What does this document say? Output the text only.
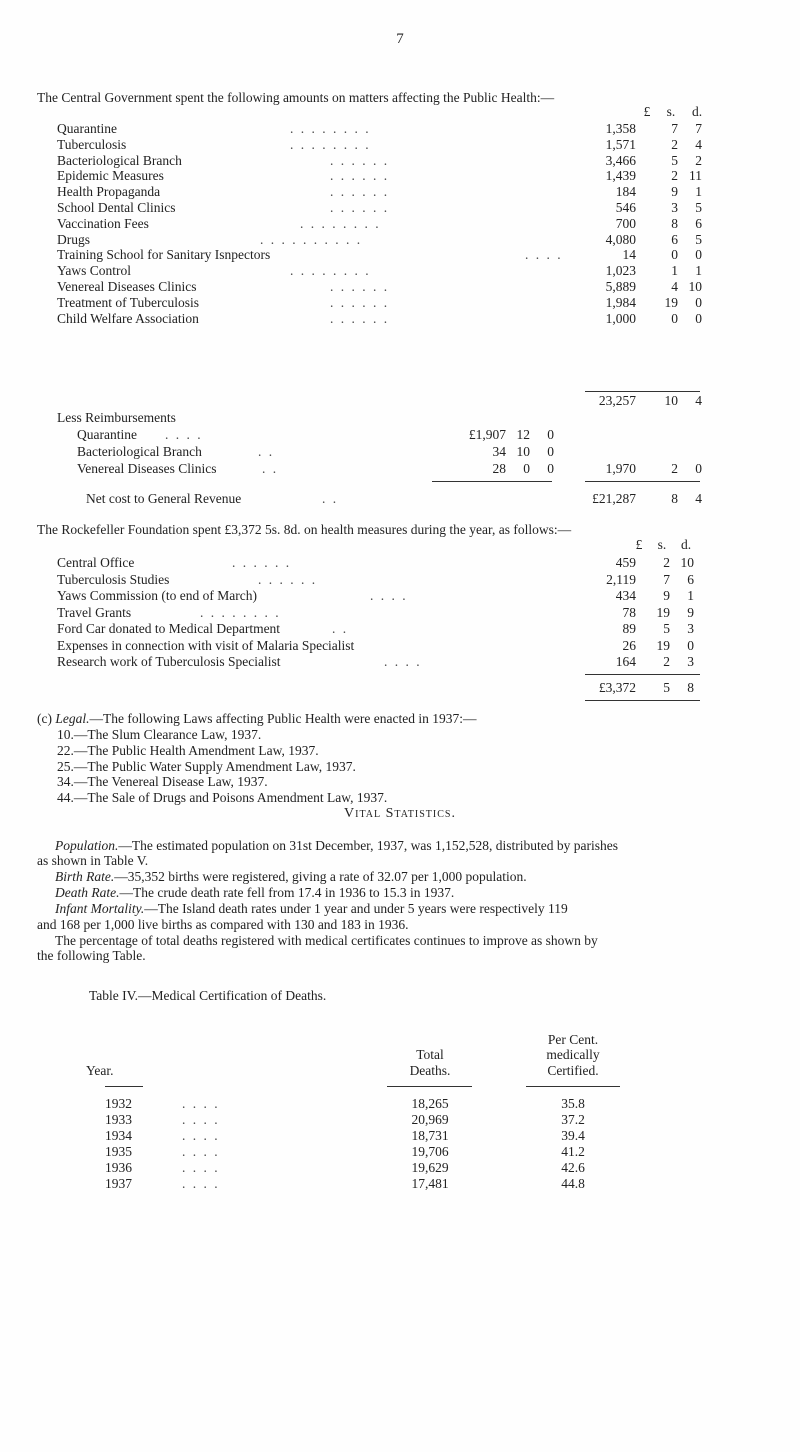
7
The Central Government spent the following amounts on matters affecting the Public Health:—
£	s.	d.
Quarantine	. . . . . . . .	1,358	7	7
Tuberculosis	. . . . . . . .	1,571	2	4
Bacteriological Branch	. . . . . .	3,466	5	2
Epidemic Measures	. . . . . .	1,439	2 11
Health Propaganda	. . . . . .	184	9	1
School Dental Clinics	. . . . . .	546	3	5
Vaccination Fees	. . . . . . . .	700	8	6
Drugs	. . . . . . . . . .	4,080	6	5
Training School for Sanitary Isnpectors	. . . .	14	0	0
Yaws Control	. . . . . . . .	1,023	1	1
Venereal Diseases Clinics	. . . . . .	5,889	4 10
Treatment of Tuberculosis	. . . . . .	1,984	19	0
Child Welfare Association	. . . . . .	1,000	0	0
23,257	10	4
Less Reimbursements
Quarantine . . . .	£1,907 12	0
Bacteriological Branch	. .	34 10	0
Venereal Diseases Clinics	. .	28	0	0	1,970	2	0
Net cost to General Revenue	. .	£21,287	8	4
The Rockefeller Foundation spent £3,372 5s. 8d. on health measures during the year, as follows:—
£	s.	d.
Central Office	. . . . . .	459	2 10
Tuberculosis Studies	. . . . . .	2,119	7	6
Yaws Commission (to end of March)	. . . .	434	9	1
Travel Grants	. . . . . . . .	78	19	9
Ford Car donated to Medical Department	. .	89	5	3
Expenses in connection with visit of Malaria Specialist	26	19	0
Research work of Tuberculosis Specialist	. . . .	164	2	3
£3,372	5	8
(c) Legal.—The following Laws affecting Public Health were enacted in 1937:—
10.—The Slum Clearance Law, 1937.
22.—The Public Health Amendment Law, 1937.
25.—The Public Water Supply Amendment Law, 1937.
34.—The Venereal Disease Law, 1937.
44.—The Sale of Drugs and Poisons Amendment Law, 1937.
Vital Statistics.
Population.—The estimated population on 31st December, 1937, was 1,152,528, distributed by parishes
as shown in Table V.
Birth Rate.—35,352 births were registered, giving a rate of 32.07 per 1,000 population.
Death Rate.—The crude death rate fell from 17.4 in 1936 to 15.3 in 1937.
Infant Mortality.—The Island death rates under 1 year and under 5 years were respectively 119
and 168 per 1,000 live births as compared with 130 and 183 in 1936.
The percentage of total deaths registered with medical certificates continues to improve as shown by
the following Table.
Table IV.—Medical Certification of Deaths.
Per Cent.
Total	medically
Year.	Deaths.	Certified.
1932	18,265	35.8
. . . .
1933	20,969	37.2
. . . .
1934	18,731	39.4
. . . .
1935	19,706	41.2
. . . .
1936	19,629	42.6
. . . .
1937	17,481	44.8
. . . .
